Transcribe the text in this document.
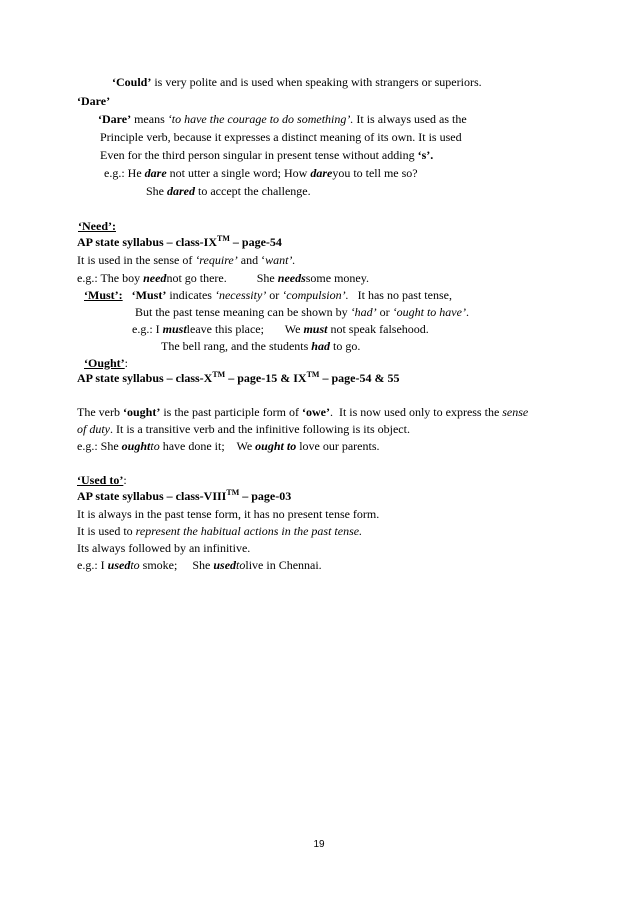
‘Could’ is very polite and is used when speaking with strangers or superiors.
‘Dare’
‘Dare’ means ‘to have the courage to do something’. It is always used as the
Principle verb, because it expresses a distinct meaning of its own. It is used
Even for the third person singular in present tense without adding ‘s’.
e.g.: He dare not utter a single word; How dareyou to tell me so?
She dared to accept the challenge.
‘Need’:
AP state syllabus – class-IX™ – page-54
It is used in the sense of ‘require’ and ‘want’.
e.g.: The boy neednot go there.          She needssome money.
‘Must’: ‘Must’ indicates ‘necessity’ or ‘compulsion’.   It has no past tense,
But the past tense meaning can be shown by ‘had’ or ‘ought to have’.
e.g.: I mustleave this place;       We must not speak falsehood.
The bell rang, and the students had to go.
‘Ought’:
AP state syllabus – class-X™ – page-15 & IX™ – page-54 & 55
The verb ‘ought’ is the past participle form of ‘owe’.  It is now used only to express the sense
of duty. It is a transitive verb and the infinitive following is its object.
e.g.: She oughtto have done it;    We ought to love our parents.
‘Used to’:
AP state syllabus – class-VIII™ – page-03
It is always in the past tense form, it has no present tense form.
It is used to represent the habitual actions in the past tense.
Its always followed by an infinitive.
e.g.: I usedto smoke;     She usedtolive in Chennai.
19
